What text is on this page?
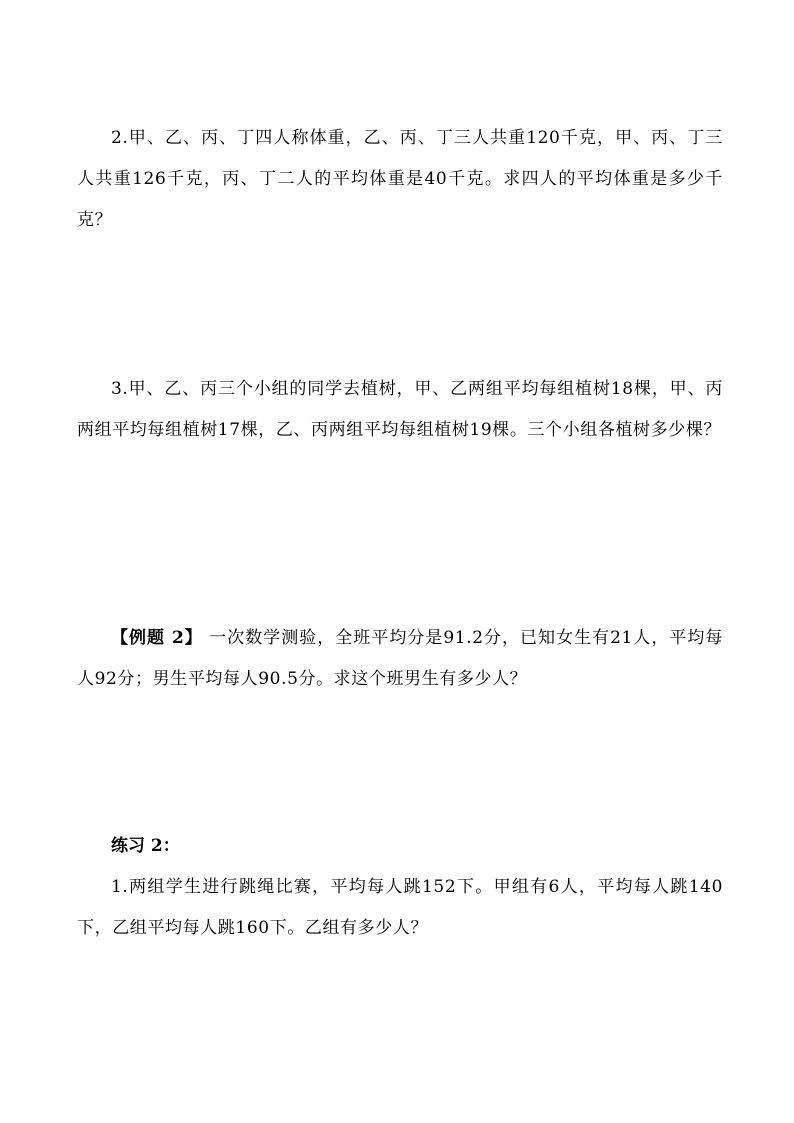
2.甲、乙、丙、丁四人称体重，乙、丙、丁三人共重120千克，甲、丙、丁三人共重126千克，丙、丁二人的平均体重是40千克。求四人的平均体重是多少千克？

3.甲、乙、丙三个小组的同学去植树，甲、乙两组平均每组植树18棵，甲、丙两组平均每组植树17棵，乙、丙两组平均每组植树19棵。三个小组各植树多少棵？

【例题 2】 一次数学测验，全班平均分是91.2分，已知女生有21人，平均每人92分；男生平均每人90.5分。求这个班男生有多少人？

练习 2：

1.两组学生进行跳绳比赛，平均每人跳152下。甲组有6人，平均每人跳140下，乙组平均每人跳160下。乙组有多少人？
